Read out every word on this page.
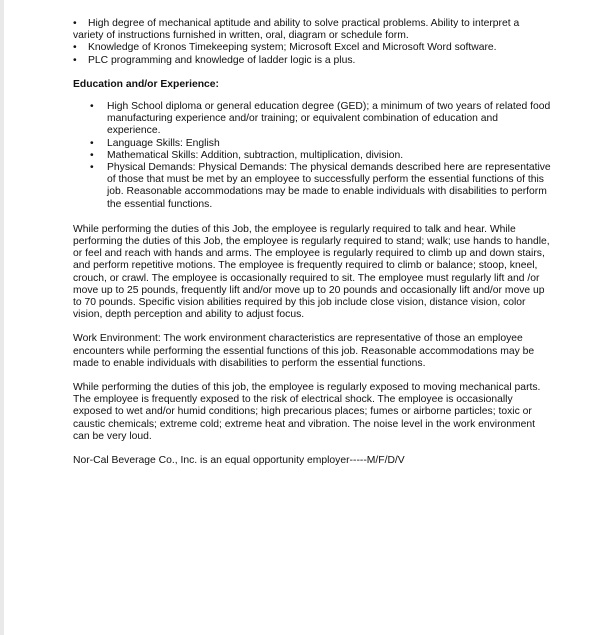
•	High degree of mechanical aptitude and ability to solve practical problems. Ability to interpret a variety of instructions furnished in written, oral, diagram or schedule form.
•	Knowledge of Kronos Timekeeping system; Microsoft Excel and Microsoft Word software.
•	PLC programming and knowledge of ladder logic is a plus.
Education and/or Experience:
• High School diploma or general education degree (GED); a minimum of two years of related food manufacturing experience and/or training; or equivalent combination of education and experience.
• Language Skills: English
• Mathematical Skills: Addition, subtraction, multiplication, division.
• Physical Demands: Physical Demands: The physical demands described here are representative of those that must be met by an employee to successfully perform the essential functions of this job. Reasonable accommodations may be made to enable individuals with disabilities to perform the essential functions.

While performing the duties of this Job, the employee is regularly required to talk and hear. While performing the duties of this Job, the employee is regularly required to stand; walk; use hands to handle, or feel and reach with hands and arms. The employee is regularly required to climb up and down stairs, and perform repetitive motions. The employee is frequently required to climb or balance; stoop, kneel, crouch, or crawl. The employee is occasionally required to sit. The employee must regularly lift and /or move up to 25 pounds, frequently lift and/or move up to 20 pounds and occasionally lift and/or move up to 70 pounds. Specific vision abilities required by this job include close vision, distance vision, color vision, depth perception and ability to adjust focus.

Work Environment: The work environment characteristics are representative of those an employee encounters while performing the essential functions of this job. Reasonable accommodations may be made to enable individuals with disabilities to perform the essential functions.

While performing the duties of this job, the employee is regularly exposed to moving mechanical parts. The employee is frequently exposed to the risk of electrical shock. The employee is occasionally exposed to wet and/or humid conditions; high precarious places; fumes or airborne particles; toxic or caustic chemicals; extreme cold; extreme heat and vibration. The noise level in the work environment can be very loud.

Nor-Cal Beverage Co., Inc. is an equal opportunity employer-----M/F/D/V
